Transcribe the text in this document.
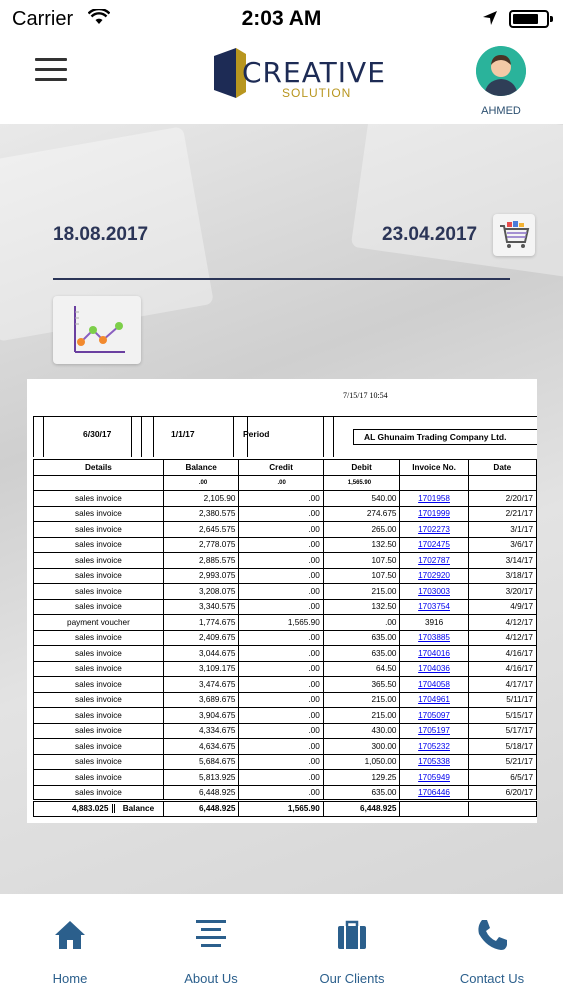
Carrier	2:03 AM
CREATIVE
SOLUTION
AHMED
18.08.2017	23.04.2017
7/15/17 10:54
6/30/17	1/1/17	Period	AL Ghunaim Trading Company Ltd.
Details	Balance	Credit	Debit	Invoice No.	Date
	.00	.00	1,565.90		
sales invoice	2,105.90	.00	540.00	1701958	2/20/17
sales invoice	2,380.575	.00	274.675	1701999	2/21/17
sales invoice	2,645.575	.00	265.00	1702273	3/1/17
sales invoice	2,778.075	.00	132.50	1702475	3/6/17
sales invoice	2,885.575	.00	107.50	1702787	3/14/17
sales invoice	2,993.075	.00	107.50	1702920	3/18/17
sales invoice	3,208.075	.00	215.00	1703003	3/20/17
sales invoice	3,340.575	.00	132.50	1703754	4/9/17
payment voucher	1,774.675	1,565.90	.00	3916	4/12/17
sales invoice	2,409.675	.00	635.00	1703885	4/12/17
sales invoice	3,044.675	.00	635.00	1704016	4/16/17
sales invoice	3,109.175	.00	64.50	1704036	4/16/17
sales invoice	3,474.675	.00	365.50	1704058	4/17/17
sales invoice	3,689.675	.00	215.00	1704961	5/11/17
sales invoice	3,904.675	.00	215.00	1705097	5/15/17
sales invoice	4,334.675	.00	430.00	1705197	5/17/17
sales invoice	4,634.675	.00	300.00	1705232	5/18/17
sales invoice	5,684.675	.00	1,050.00	1705338	5/21/17
sales invoice	5,813.925	.00	129.25	1705949	6/5/17
sales invoice	6,448.925	.00	635.00	1706446	6/20/17
4,883.025 Balance	6,448.925	1,565.90	6,448.925		
Home	About Us	Our Clients	Contact Us
